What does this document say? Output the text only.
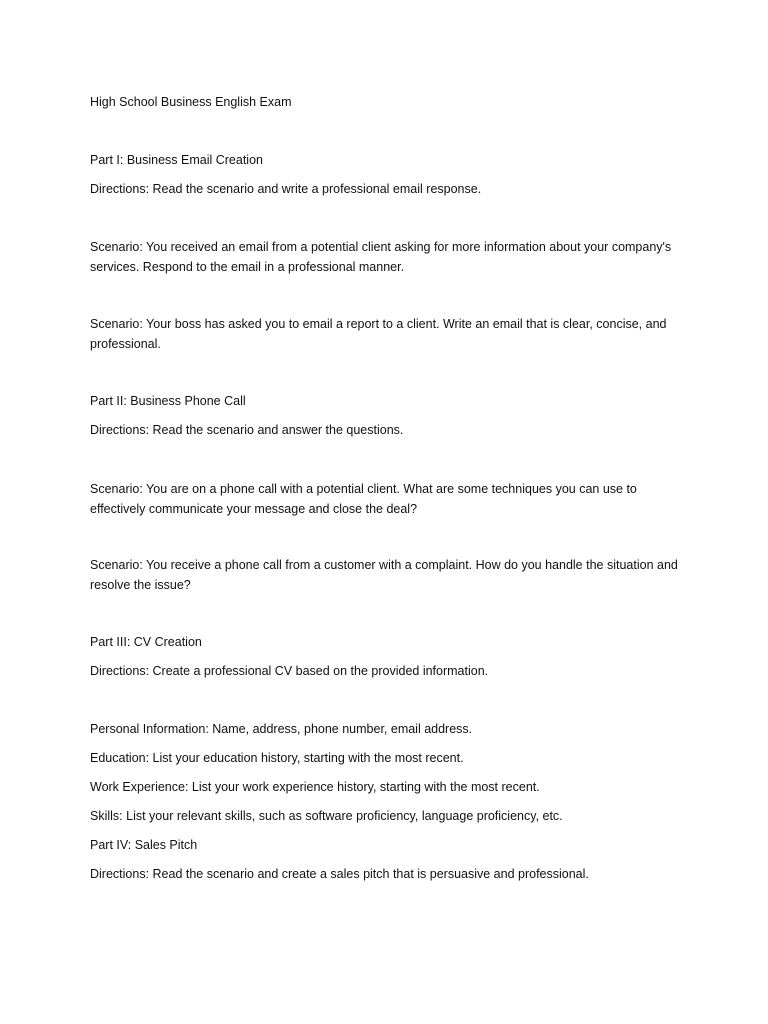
High School Business English Exam
Part I: Business Email Creation
Directions: Read the scenario and write a professional email response.
Scenario: You received an email from a potential client asking for more information about your company's services. Respond to the email in a professional manner.
Scenario: Your boss has asked you to email a report to a client. Write an email that is clear, concise, and professional.
Part II: Business Phone Call
Directions: Read the scenario and answer the questions.
Scenario: You are on a phone call with a potential client. What are some techniques you can use to effectively communicate your message and close the deal?
Scenario: You receive a phone call from a customer with a complaint. How do you handle the situation and resolve the issue?
Part III: CV Creation
Directions: Create a professional CV based on the provided information.
Personal Information: Name, address, phone number, email address.
Education: List your education history, starting with the most recent.
Work Experience: List your work experience history, starting with the most recent.
Skills: List your relevant skills, such as software proficiency, language proficiency, etc.
Part IV: Sales Pitch
Directions: Read the scenario and create a sales pitch that is persuasive and professional.
